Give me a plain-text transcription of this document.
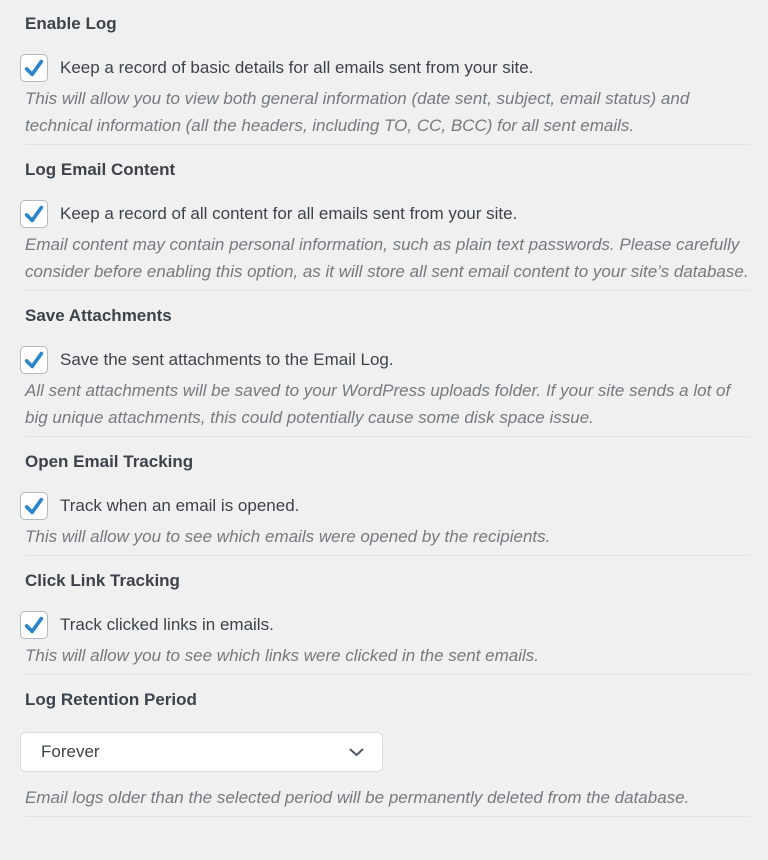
Enable Log
Keep a record of basic details for all emails sent from your site.

This will allow you to view both general information (date sent, subject, email status) and technical information (all the headers, including TO, CC, BCC) for all sent emails.

Log Email Content
Keep a record of all content for all emails sent from your site.

Email content may contain personal information, such as plain text passwords. Please carefully consider before enabling this option, as it will store all sent email content to your site’s database.

Save Attachments
Save the sent attachments to the Email Log.

All sent attachments will be saved to your WordPress uploads folder. If your site sends a lot of big unique attachments, this could potentially cause some disk space issue.

Open Email Tracking
Track when an email is opened.

This will allow you to see which emails were opened by the recipients.

Click Link Tracking
Track clicked links in emails.

This will allow you to see which links were clicked in the sent emails.

Log Retention Period
Forever

Email logs older than the selected period will be permanently deleted from the database.
